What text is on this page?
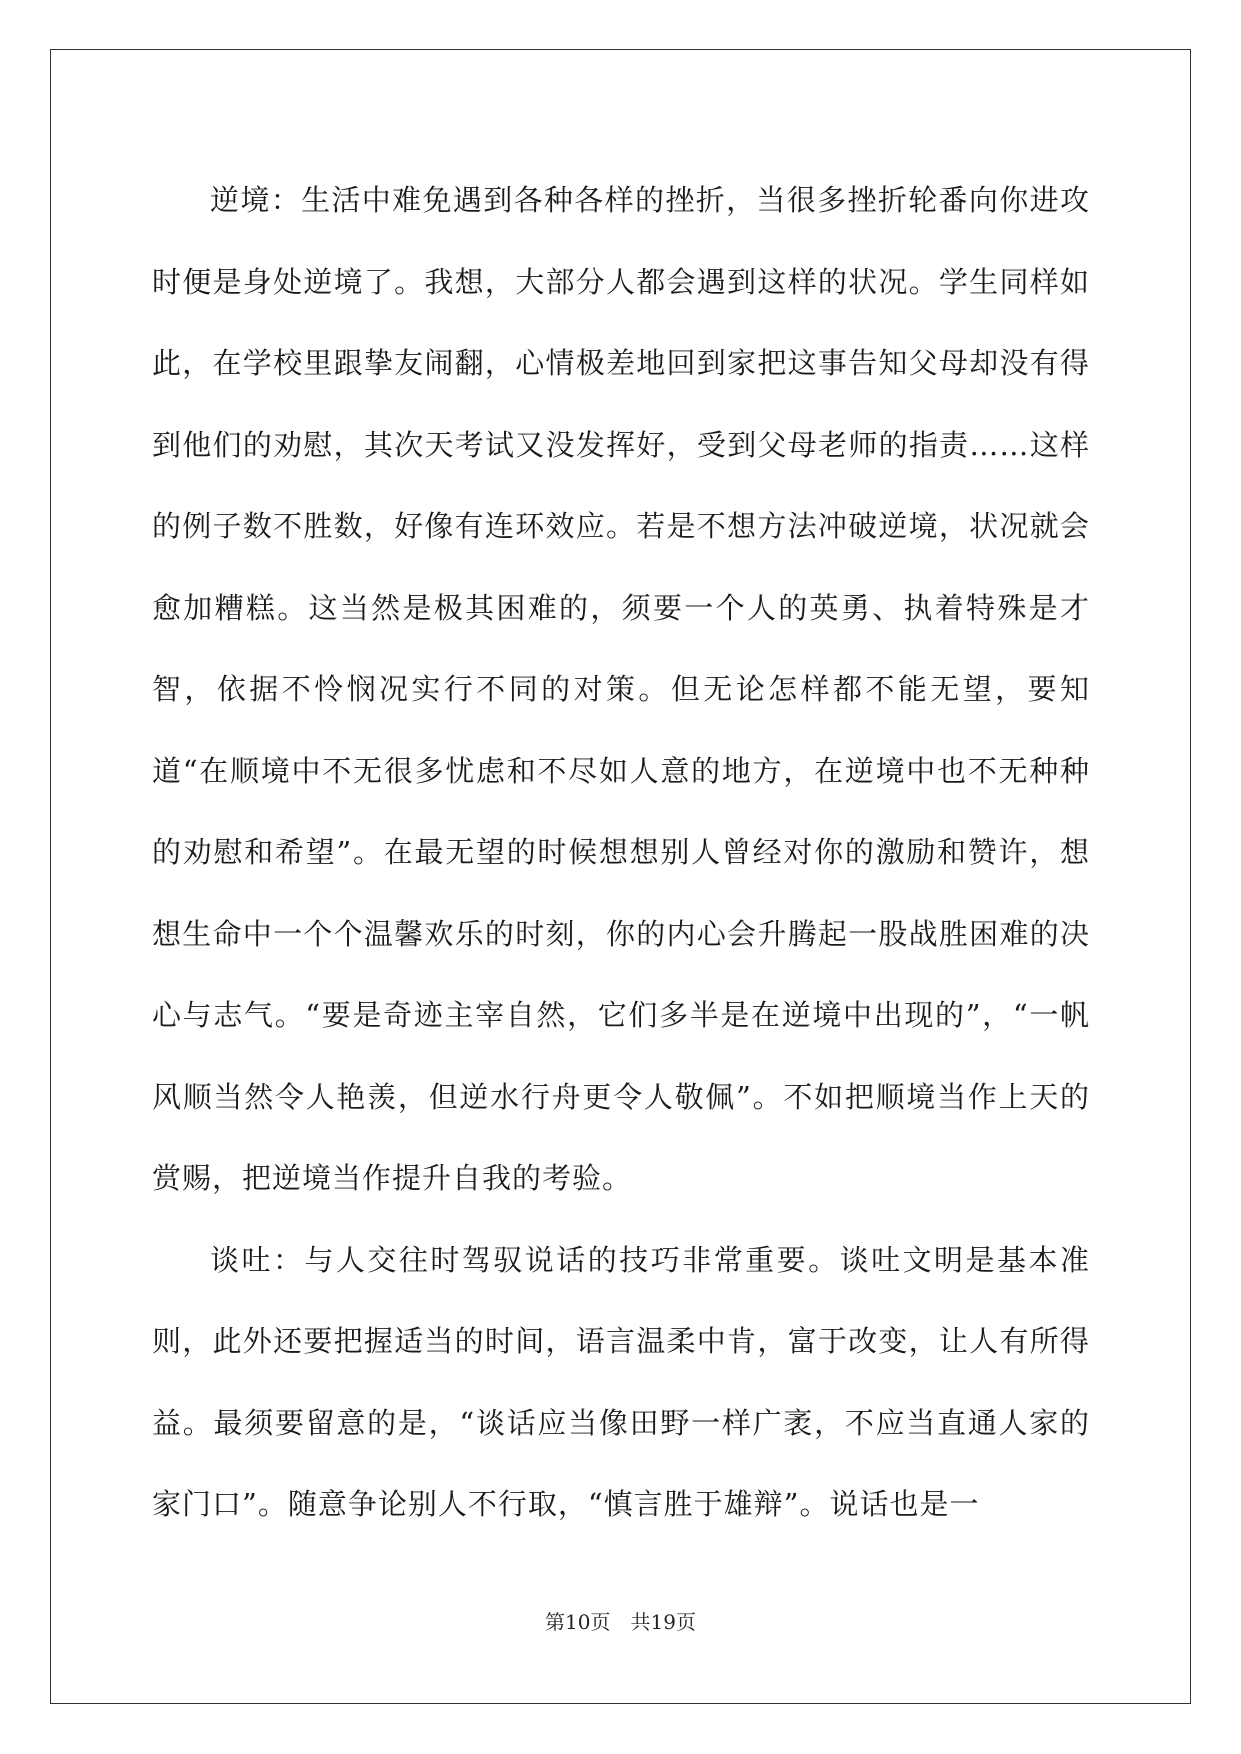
逆境：生活中难免遇到各种各样的挫折，当很多挫折轮番向你进攻时便是身处逆境了。我想，大部分人都会遇到这样的状况。学生同样如此，在学校里跟挚友闹翻，心情极差地回到家把这事告知父母却没有得到他们的劝慰，其次天考试又没发挥好，受到父母老师的指责……这样的例子数不胜数，好像有连环效应。若是不想方法冲破逆境，状况就会愈加糟糕。这当然是极其困难的，须要一个人的英勇、执着特殊是才智，依据不怜悯况实行不同的对策。但无论怎样都不能无望，要知道“在顺境中不无很多忧虑和不尽如人意的地方，在逆境中也不无种种的劝慰和希望”。在最无望的时候想想别人曾经对你的激励和赞许，想想生命中一个个温馨欢乐的时刻，你的内心会升腾起一股战胜困难的决心与志气。“要是奇迹主宰自然，它们多半是在逆境中出现的”，“一帆风顺当然令人艳羡，但逆水行舟更令人敬佩”。不如把顺境当作上天的赏赐，把逆境当作提升自我的考验。

谈吐：与人交往时驾驭说话的技巧非常重要。谈吐文明是基本准则，此外还要把握适当的时间，语言温柔中肯，富于改变，让人有所得益。最须要留意的是，“谈话应当像田野一样广袤，不应当直通人家的家门口”。随意争论别人不行取，“慎言胜于雄辩”。说话也是一

第10页　共19页
